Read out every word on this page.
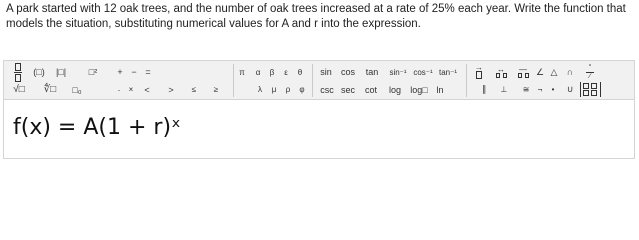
A park started with 12 oak trees, and the number of oak trees increased at a rate of 25% each year. Write the function that models the situation, substituting numerical values for A and r into the expression.
(□)	|□|	□²	+ − =
√□	∜□	□₀	·	× < >	≤	≥
π	α	β	ε	θ
λ	μ	ρ	φ
sin	cos	tan	sin⁻¹ cos⁻¹ tan⁻¹
csc sec	cot	log	log□ ln
→ ↔ — ∠ △	∩	°
∕
∥	⊥	≅	¬	•	∪
f(x) = A(1 + r)ˣ
